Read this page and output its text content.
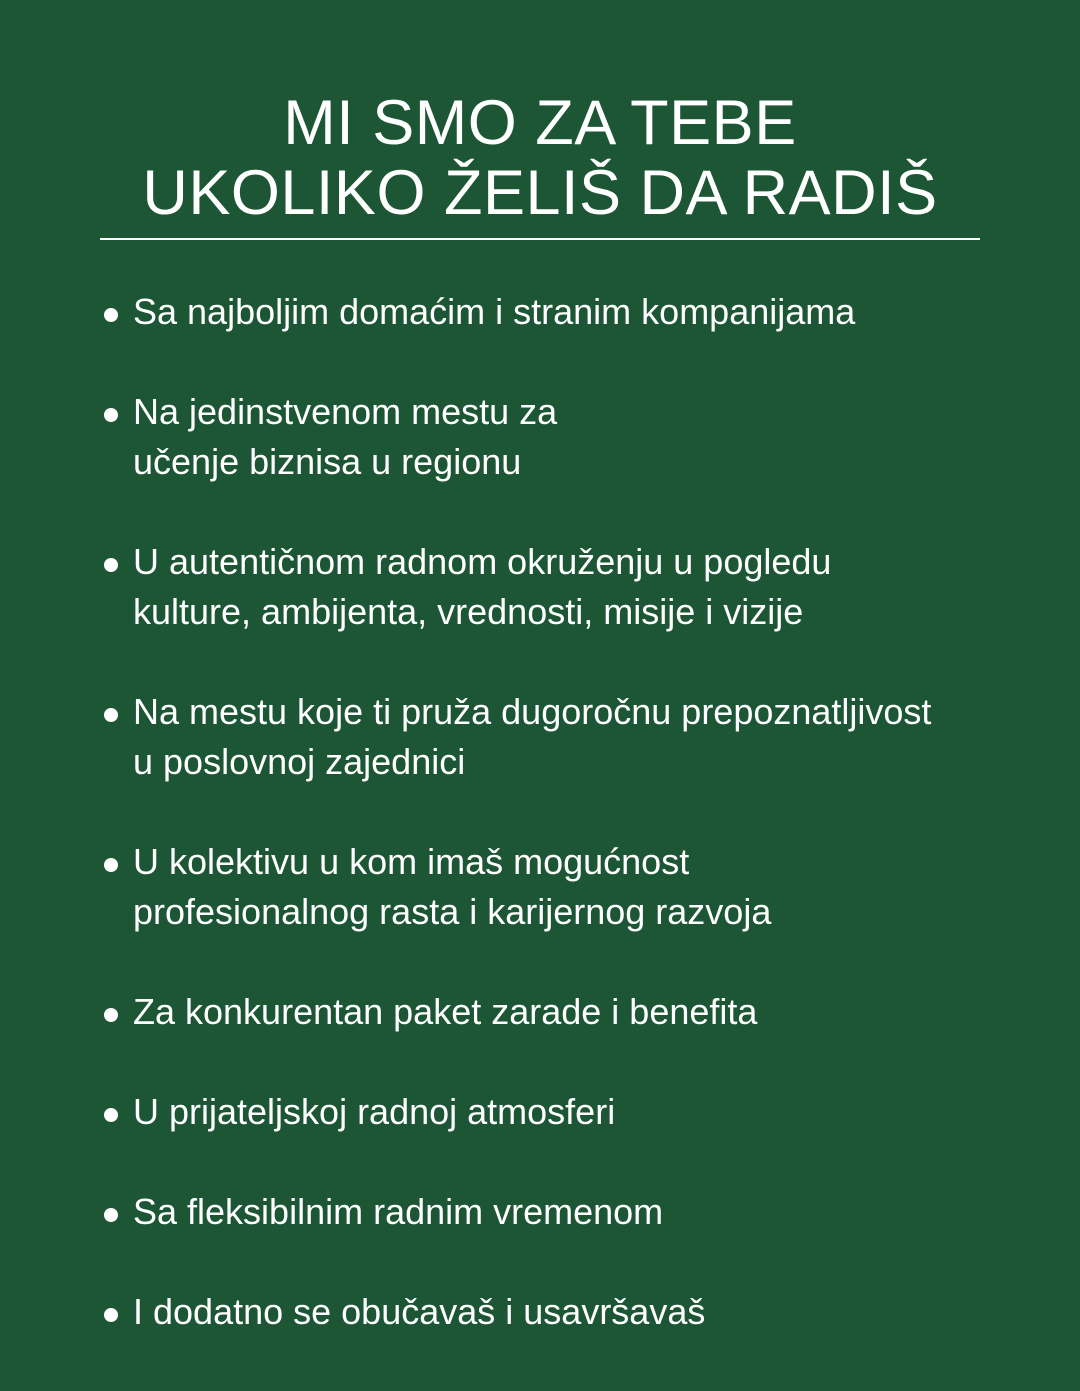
MI SMO ZA TEBE
UKOLIKO ŽELIŠ DA RADIŠ
Sa najboljim domaćim i stranim kompanijama
Na jedinstvenom mestu za
učenje biznisa u regionu
U autentičnom radnom okruženju u pogledu
kulture, ambijenta, vrednosti, misije i vizije
Na mestu koje ti pruža dugoročnu prepoznatljivost
u poslovnoj zajednici
U kolektivu u kom imaš mogućnost
profesionalnog rasta i karijernog razvoja
Za konkurentan paket zarade i benefita
U prijateljskoj radnoj atmosferi
Sa fleksibilnim radnim vremenom
I dodatno se obučavaš i usavršavaš
